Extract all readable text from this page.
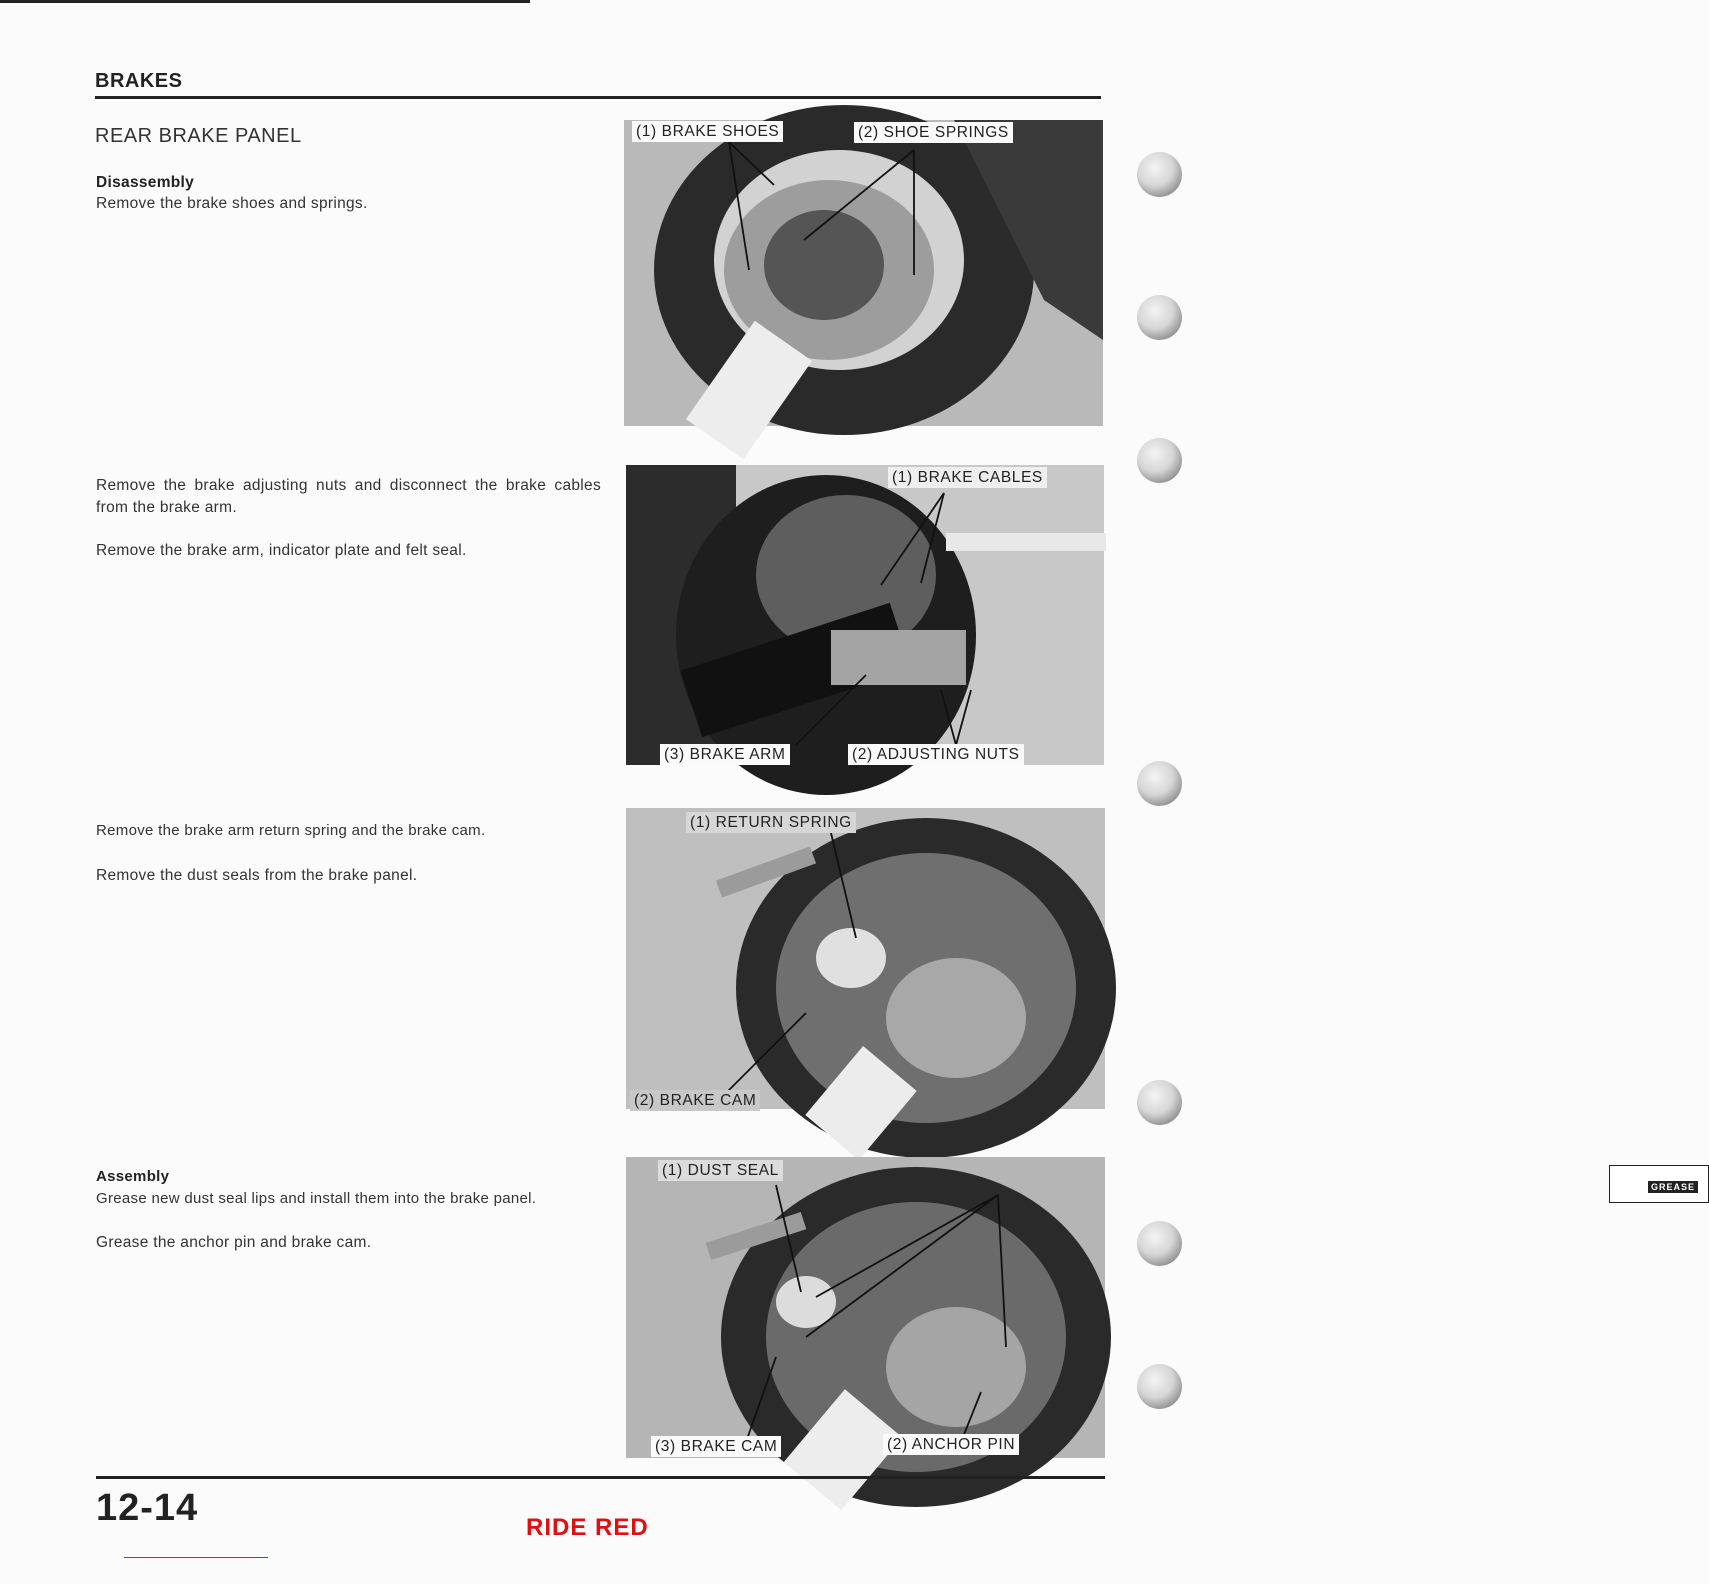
BRAKES
REAR BRAKE PANEL

Disassembly

Remove the brake shoes and springs.

Remove the brake adjusting nuts and disconnect the brake cables from the brake arm.

Remove the brake arm, indicator plate and felt seal.

Remove the brake arm return spring and the brake cam.

Remove the dust seals from the brake panel.

Assembly

Grease new dust seal lips and install them into the brake panel.

Grease the anchor pin and brake cam.

(1) BRAKE SHOES	(2) SHOE SPRINGS
(1) BRAKE CABLES
(3) BRAKE ARM	(2) ADJUSTING NUTS
(1) RETURN SPRING
(2) BRAKE CAM
GREASE
(1) DUST SEAL
(3) BRAKE CAM	(2) ANCHOR PIN
12-14	RIDE RED
